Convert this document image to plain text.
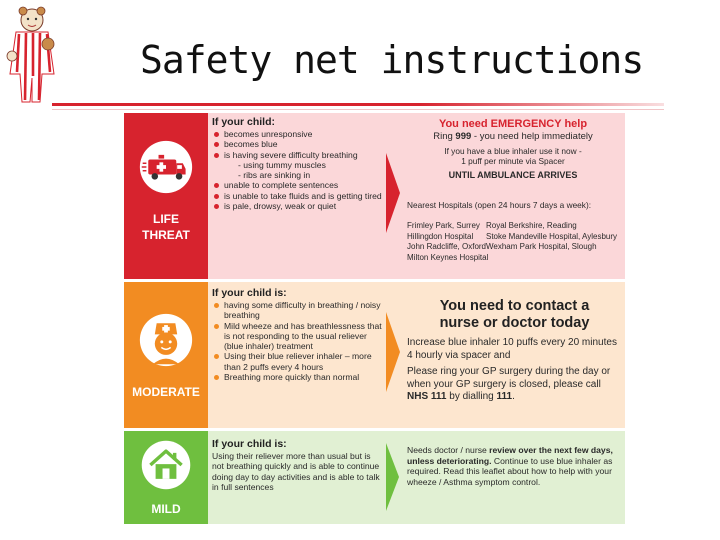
Safety net instructions
LIFE
THREAT
If your child:
becomes unresponsive
becomes blue
is having severe difficulty breathing
- using tummy muscles
- ribs are sinking in
unable to complete sentences
is unable to take fluids and is getting tired
is pale, drowsy, weak or quiet
You need EMERGENCY help
Ring 999 - you need help immediately
If you have a blue inhaler use it now -
1 puff per minute via Spacer
UNTIL AMBULANCE ARRIVES
Nearest Hospitals (open 24 hours 7 days a week):
Frimley Park, Surrey
Hillingdon Hospital
John Radcliffe, Oxford
Milton Keynes Hospital
Royal Berkshire, Reading
Stoke Mandeville Hospital, Aylesbury
Wexham Park Hospital, Slough
MODERATE
If your child is:
having some difficulty in breathing / noisy breathing
Mild wheeze and has breathlessness that is not responding to the usual reliever (blue inhaler) treatment
Using their blue reliever inhaler – more than 2 puffs every 4 hours
Breathing more quickly than normal
You need to contact a
nurse or doctor today
Increase blue inhaler 10 puffs every 20 minutes 4 hourly via spacer and
Please ring your GP surgery during the day or when your GP surgery is closed, please call NHS 111 by dialling 111.
MILD
If your child is:
Using their reliever more than usual but is not breathing quickly and is able to continue doing day to day activities and is able to talk in full sentences
Needs doctor / nurse review over the next few days, unless deteriorating. Continue to use blue inhaler as required. Read this leaflet about how to help with your wheeze / Asthma symptom control.
